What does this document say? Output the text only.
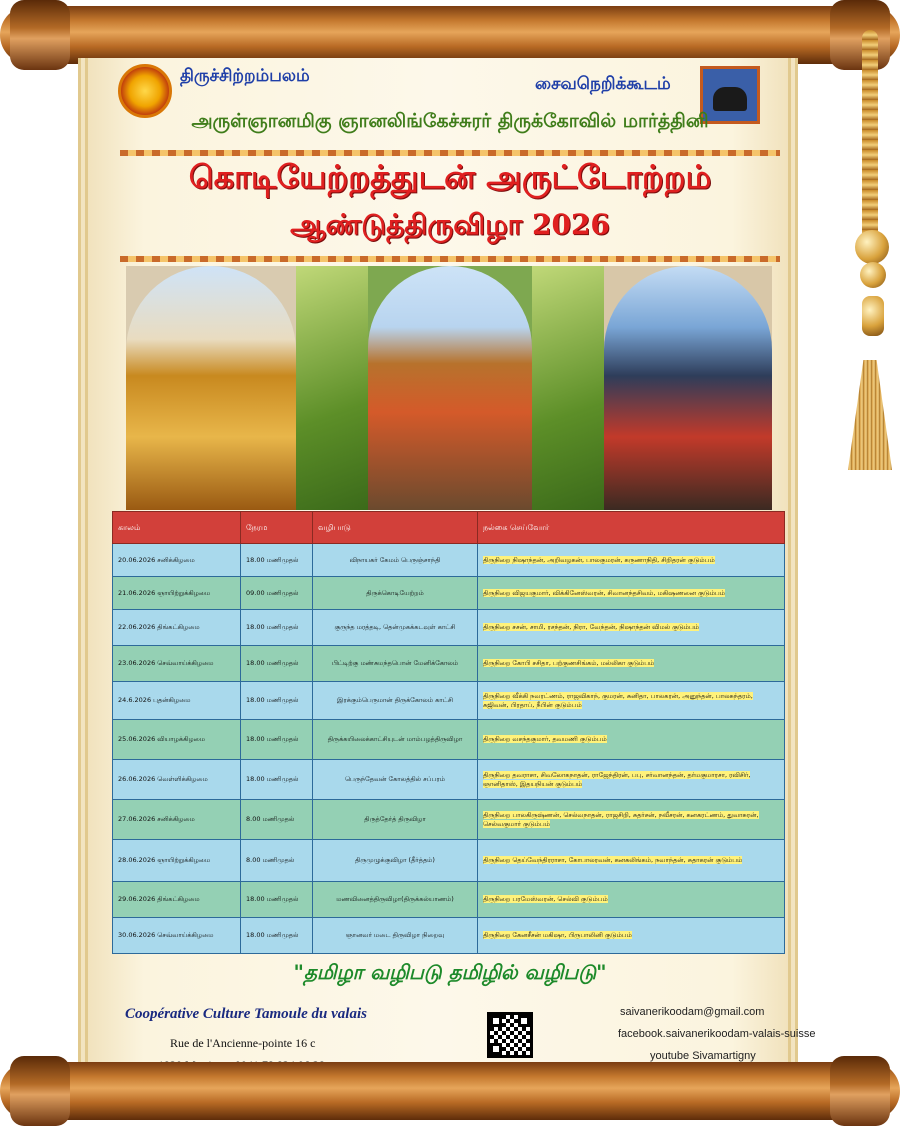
திருச்சிற்றம்பலம்	சைவநெறிக்கூடம்
அருள்ஞானமிகு ஞானலிங்கேச்சுரர் திருக்கோவில் மார்த்தினி
கொடியேற்றத்துடன் அருட்டோற்றம்
ஆண்டுத்திருவிழா 2026
காலம்	நேரம	வழிபாடு	நல்கை செய்வோர்
20.06.2026 சனிக்கிழமை	18.00 மணிமுதல்	விநாயகர் கேமம் பெருஞ்சாந்தி	திருநிறை நிஷாந்தன், அறிவழகன், பாலகுமரன், கருணாநிதி, சிறிதரன் குடும்பம்
21.06.2026 ஞாயிற்றுக்கிழமை	09.00 மணிமுதல்	திருக்கொடியேற்றம்	திருநிறை விஜயகுமார், விக்கினேஸ்வரன், சிவானந்தசிவம், மகிஷணனை குடும்பம்
22.06.2026 திங்கட்கிழமை	18.00 மணிமுதல்	குருந்த மரத்தடி, தென்முகக்கடவுள் காட்சி	திருநிறை சசன், சாமி, ரசந்தன், நிரா, வேந்தன், நிஷாந்தன் விமல் குடும்பம்
23.06.2026 செவ்வாய்க்கிழமை	18.00 மணிமுதல்	பிட்டிற்கு மண்சுமந்தபொன் மேனிக்கோலம்	திருநிறை கோபி சசிதா, பற்குணசிங்கம், மல்லிகா குடும்பம்
24.6.2026 புதன்கிழமை	18.00 மணிமுதல்	இரக்கும்பெருமான் திருக்கோலம் காட்சி	திருநிறை வீக்கி நவரட்ணம், ராஜவிகாந், குமரன், சுனிதா, பாலகரன், அனுந்தன், பாலசுந்தரம், சுஜிவன், பிரதாப், நீபின் குடும்பம்
25.06.2026 வியாழக்கிழமை	18.00 மணிமுதல்	திருக்கயிலைக்காட்சியுடன் மாம்பழத்திருவிழா	திருநிறை வசந்தகுமார், தவமணி குடும்பம்
26.06.2026 வெள்ளிக்கிழமை	18.00 மணிமுதல்	பெருந்தேவன் கோலத்தில் சப்பரம்	திருநிறை தவராசா, சிவலோகநாதன், ராஜேந்திரன், பபு, சர்வானந்தன், தர்மகுமாரசா, ரவிசிர், ஞானிதாஸ், இதயநியன் குடும்பம்
27.06.2026 சனிக்கிழமை	8.00 மணிமுதல்	திருத்தேர்த் திருவிழா	திருநிறை பாலகிருஷ்ணன், செல்வநாதன், ராஜசிறி, சுதர்சன், நவீசரன், கனகரட்ணம், துவாசுரன், செல்வகுமார் குடும்பம்
28.06.2026 ஞாயிற்றுக்கிழமை	8.00 மணிமுதல்	திருமுழுக்குவிழா (தீர்த்தம்)	திருநிறை தெய்வேந்திரராசா, கோபாலரவன், கனகலிங்கம், நவாந்தன், சுதாகரன் குடும்பம்
29.06.2026 திங்கட்கிழமை	18.00 மணிமுதல்	மணவினைத்திருவிழா(திருக்கல்யாணம்)	திருநிறை பரமேஸ்வரன், செல்வி குடும்பம்
30.06.2026 செவ்வாய்க்கிழமை	18.00 மணிமுதல்	ஞானவர் மடை திருவிழா நிறைவு	திருநிறை கேனசீசன் மகிஷா, பிருபாலினி குடும்பம்
"தமிழா வழிபடு தமிழில் வழிபடு"
Coopérative Culture Tamoule du valais
Rue de l'Ancienne-pointe 16 c
saivanerikoodam@gmail.com
facebook.saivanerikoodam-valais-suisse
youtube Sivamartigny
